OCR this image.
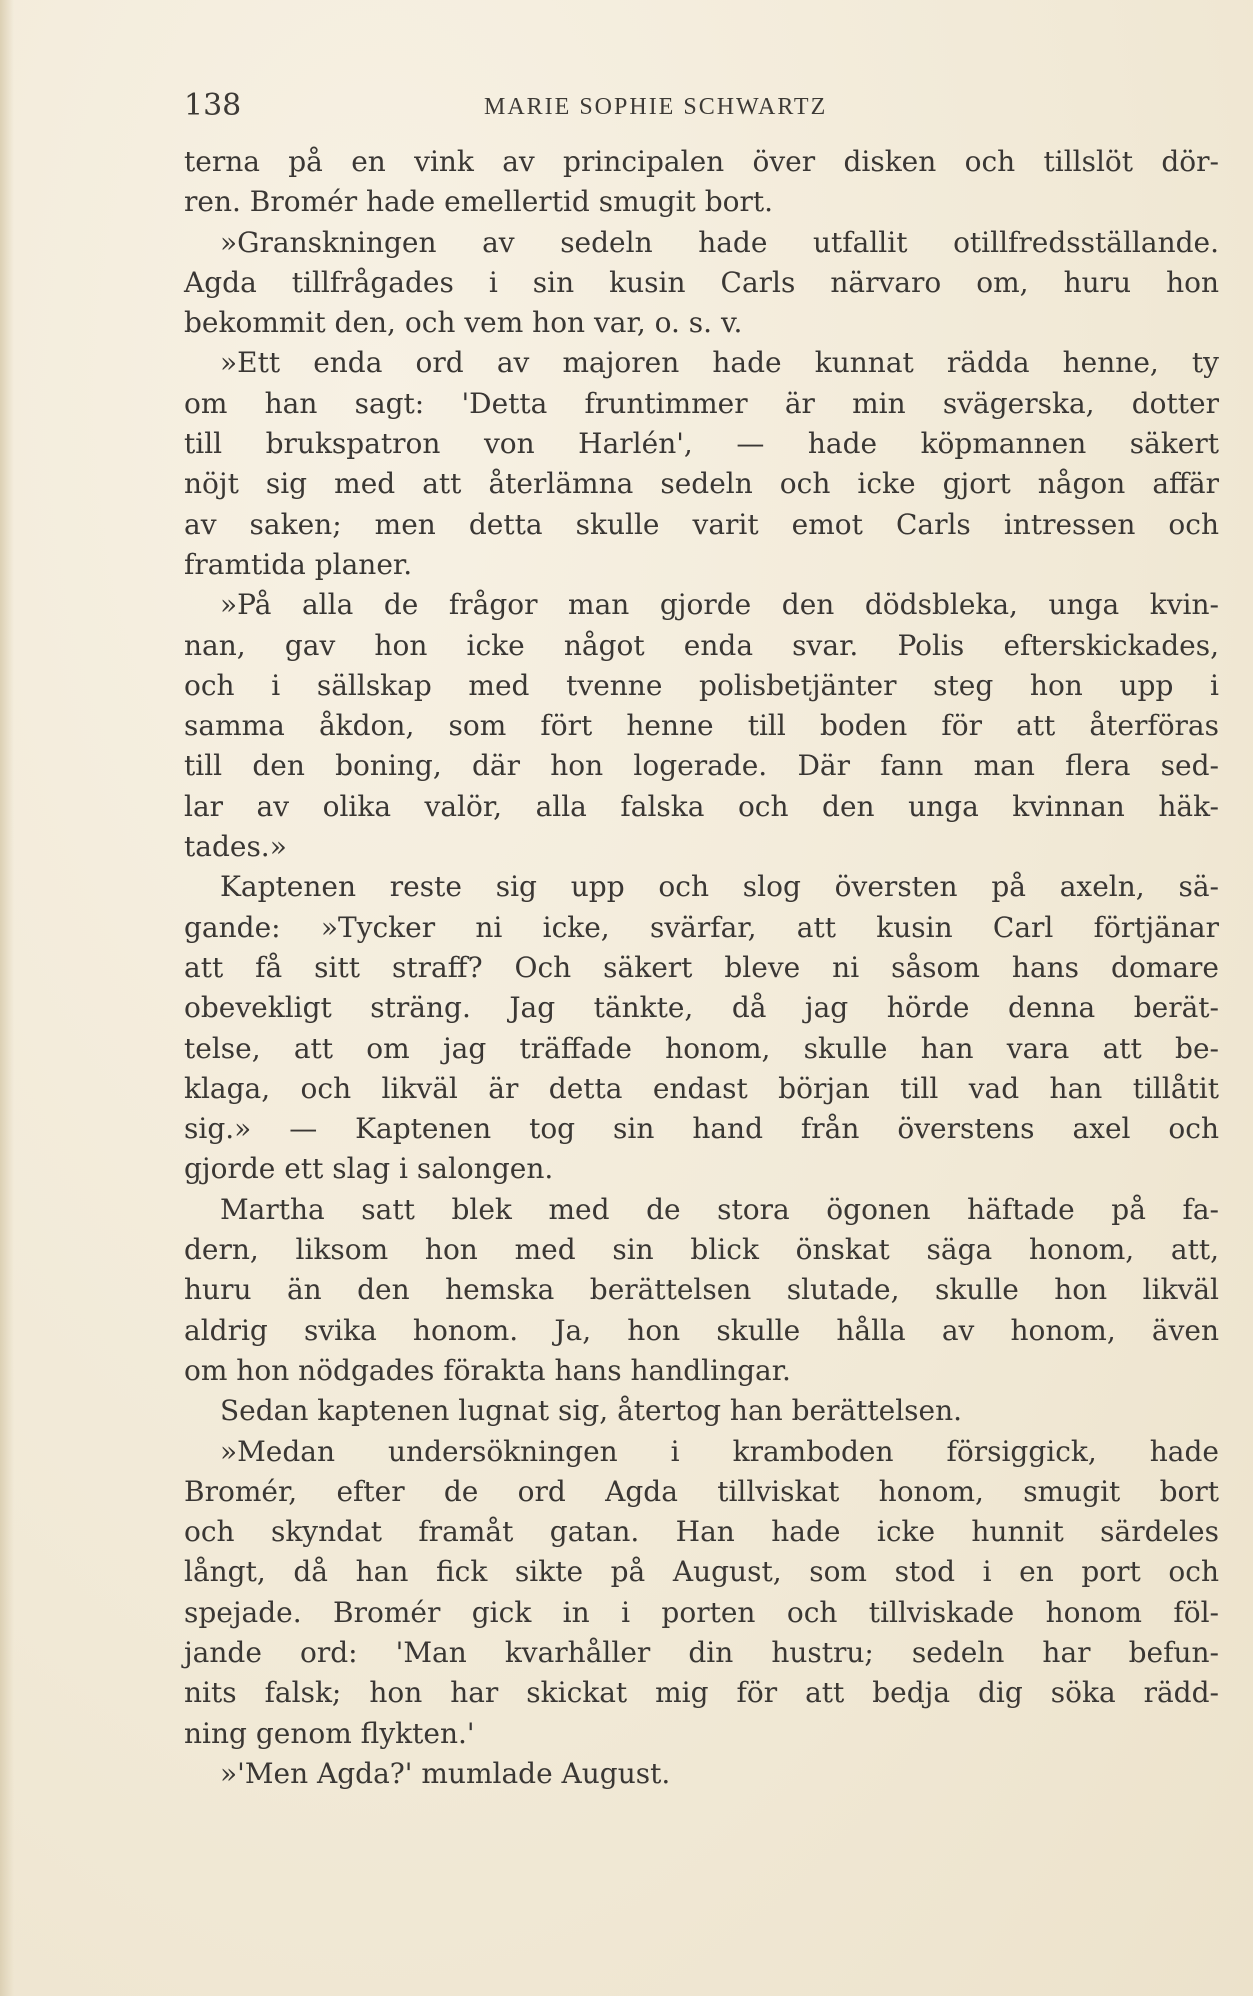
138	MARIE SOPHIE SCHWARTZ
terna på en vink av principalen över disken och tillslöt dör-
ren. Bromér hade emellertid smugit bort.
»Granskningen av sedeln hade utfallit otillfredsställande.
Agda tillfrågades i sin kusin Carls närvaro om, huru hon
bekommit den, och vem hon var, o. s. v.
»Ett enda ord av majoren hade kunnat rädda henne, ty
om han sagt: 'Detta fruntimmer är min svägerska, dotter
till brukspatron von Harlén', — hade köpmannen säkert
nöjt sig med att återlämna sedeln och icke gjort någon affär
av saken; men detta skulle varit emot Carls intressen och
framtida planer.
»På alla de frågor man gjorde den dödsbleka, unga kvin-
nan, gav hon icke något enda svar. Polis efterskickades,
och i sällskap med tvenne polisbetjänter steg hon upp i
samma åkdon, som fört henne till boden för att återföras
till den boning, där hon logerade. Där fann man flera sed-
lar av olika valör, alla falska och den unga kvinnan häk-
tades.»
Kaptenen reste sig upp och slog översten på axeln, sä-
gande: »Tycker ni icke, svärfar, att kusin Carl förtjänar
att få sitt straff? Och säkert bleve ni såsom hans domare
obevekligt sträng. Jag tänkte, då jag hörde denna berät-
telse, att om jag träffade honom, skulle han vara att be-
klaga, och likväl är detta endast början till vad han tillåtit
sig.» — Kaptenen tog sin hand från överstens axel och
gjorde ett slag i salongen.
Martha satt blek med de stora ögonen häftade på fa-
dern, liksom hon med sin blick önskat säga honom, att,
huru än den hemska berättelsen slutade, skulle hon likväl
aldrig svika honom. Ja, hon skulle hålla av honom, även
om hon nödgades förakta hans handlingar.
Sedan kaptenen lugnat sig, återtog han berättelsen.
»Medan undersökningen i kramboden försiggick, hade
Bromér, efter de ord Agda tillviskat honom, smugit bort
och skyndat framåt gatan. Han hade icke hunnit särdeles
långt, då han fick sikte på August, som stod i en port och
spejade. Bromér gick in i porten och tillviskade honom föl-
jande ord: 'Man kvarhåller din hustru; sedeln har befun-
nits falsk; hon har skickat mig för att bedja dig söka rädd-
ning genom flykten.'
»'Men Agda?' mumlade August.
